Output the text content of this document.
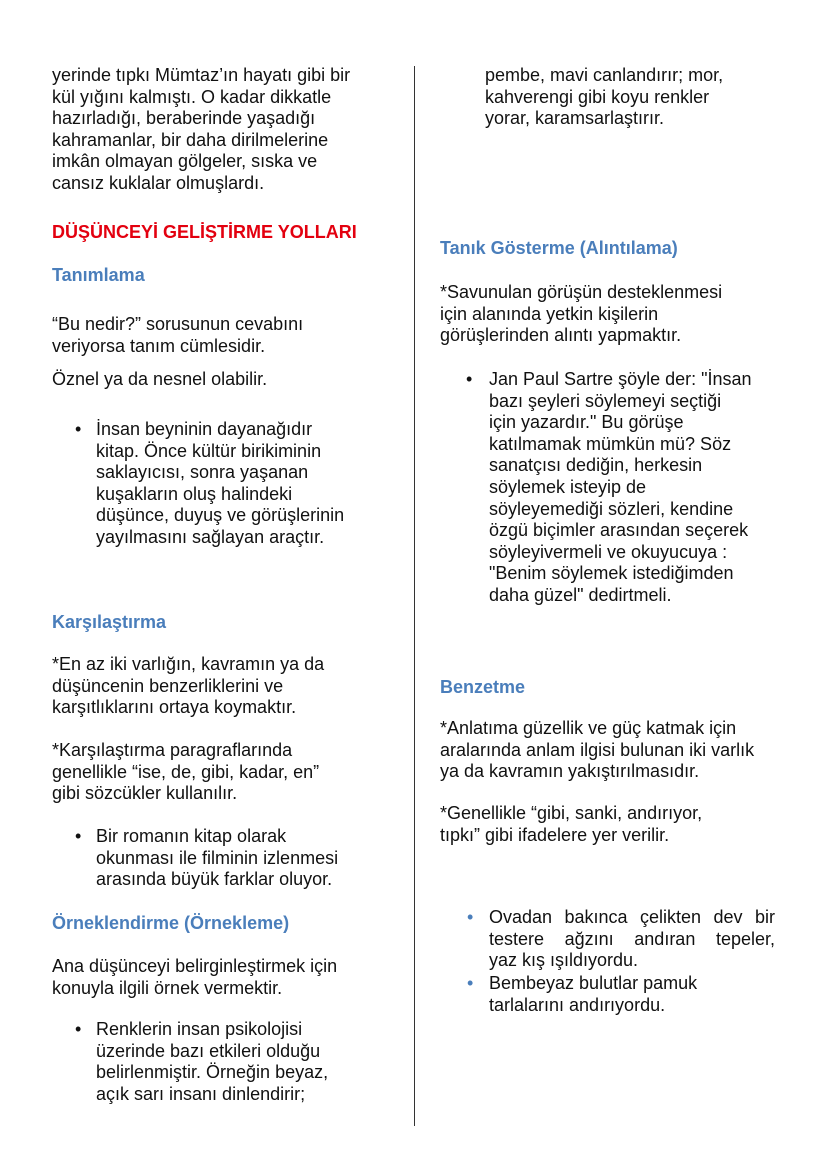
yerinde tıpkı Mümtaz’ın hayatı gibi bir
kül yığını kalmıştı. O kadar dikkatle
hazırladığı, beraberinde yaşadığı
kahramanlar, bir daha dirilmelerine
imkân olmayan gölgeler, sıska ve
cansız kuklalar olmuşlardı.
DÜŞÜNCEYİ GELİŞTİRME YOLLARI
Tanımlama
“Bu nedir?” sorusunun cevabını
veriyorsa tanım cümlesidir.
Öznel ya da nesnel olabilir.
• İnsan beyninin dayanağıdır
kitap. Önce kültür birikiminin
saklayıcısı, sonra yaşanan
kuşakların oluş halindeki
düşünce, duyuş ve görüşlerinin
yayılmasını sağlayan araçtır.
Karşılaştırma
*En az iki varlığın, kavramın ya da
düşüncenin benzerliklerini ve
karşıtlıklarını ortaya koymaktır.
*Karşılaştırma paragraflarında
genellikle “ise, de, gibi, kadar, en”
gibi sözcükler kullanılır.
• Bir romanın kitap olarak
okunması ile filminin izlenmesi
arasında büyük farklar oluyor.
Örneklendirme (Örnekleme)
Ana düşünceyi belirginleştirmek için
konuyla ilgili örnek vermektir.
• Renklerin insan psikolojisi
üzerinde bazı etkileri olduğu
belirlenmiştir. Örneğin beyaz,
açık sarı insanı dinlendirir;
pembe, mavi canlandırır; mor,
kahverengi gibi koyu renkler
yorar, karamsarlaştırır.
Tanık Gösterme (Alıntılama)
*Savunulan görüşün desteklenmesi
için alanında yetkin kişilerin
görüşlerinden alıntı yapmaktır.
• Jan Paul Sartre şöyle der: "İnsan
bazı şeyleri söylemeyi seçtiği
için yazardır." Bu görüşe
katılmamak mümkün mü? Söz
sanatçısı dediğin, herkesin
söylemek isteyip de
söyleyemediği sözleri, kendine
özgü biçimler arasından seçerek
söyleyivermeli ve okuyucuya :
"Benim söylemek istediğimden
daha güzel" dedirtmeli.
Benzetme
*Anlatıma güzellik ve güç katmak için
aralarında anlam ilgisi bulunan iki varlık
ya da kavramın yakıştırılmasıdır.
*Genellikle “gibi, sanki, andırıyor,
tıpkı” gibi ifadelere yer verilir.
• Ovadan bakınca çelikten dev bir
testere ağzını andıran tepeler,
yaz kış ışıldıyordu.
• Bembeyaz bulutlar pamuk
tarlalarını andırıyordu.
